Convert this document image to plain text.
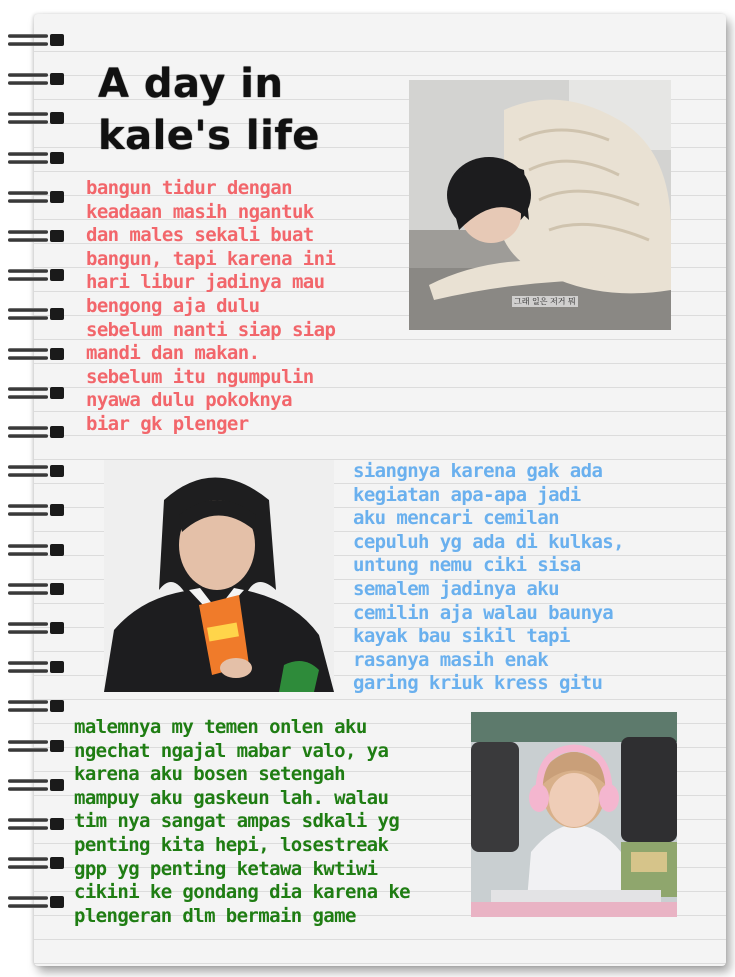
A day in
kale's life
그래 일은 저거 뭐
bangun tidur dengan
keadaan masih ngantuk
dan males sekali buat
bangun, tapi karena ini
hari libur jadinya mau
bengong aja dulu
sebelum nanti siap siap
mandi dan makan.
sebelum itu ngumpulin
nyawa dulu pokoknya
biar gk plenger
siangnya karena gak ada
kegiatan apa-apa jadi
aku mencari cemilan
cepuluh yg ada di kulkas,
untung nemu ciki sisa
semalem jadinya aku
cemilin aja walau baunya
kayak bau sikil tapi
rasanya masih enak
garing kriuk kress gitu
malemnya my temen onlen aku
ngechat ngajal mabar valo, ya
karena aku bosen setengah
mampuy aku gaskeun lah. walau
tim nya sangat ampas sdkali yg
penting kita hepi, losestreak
gpp yg penting ketawa kwtiwi
cikini ke gondang dia karena ke
plengeran dlm bermain game
